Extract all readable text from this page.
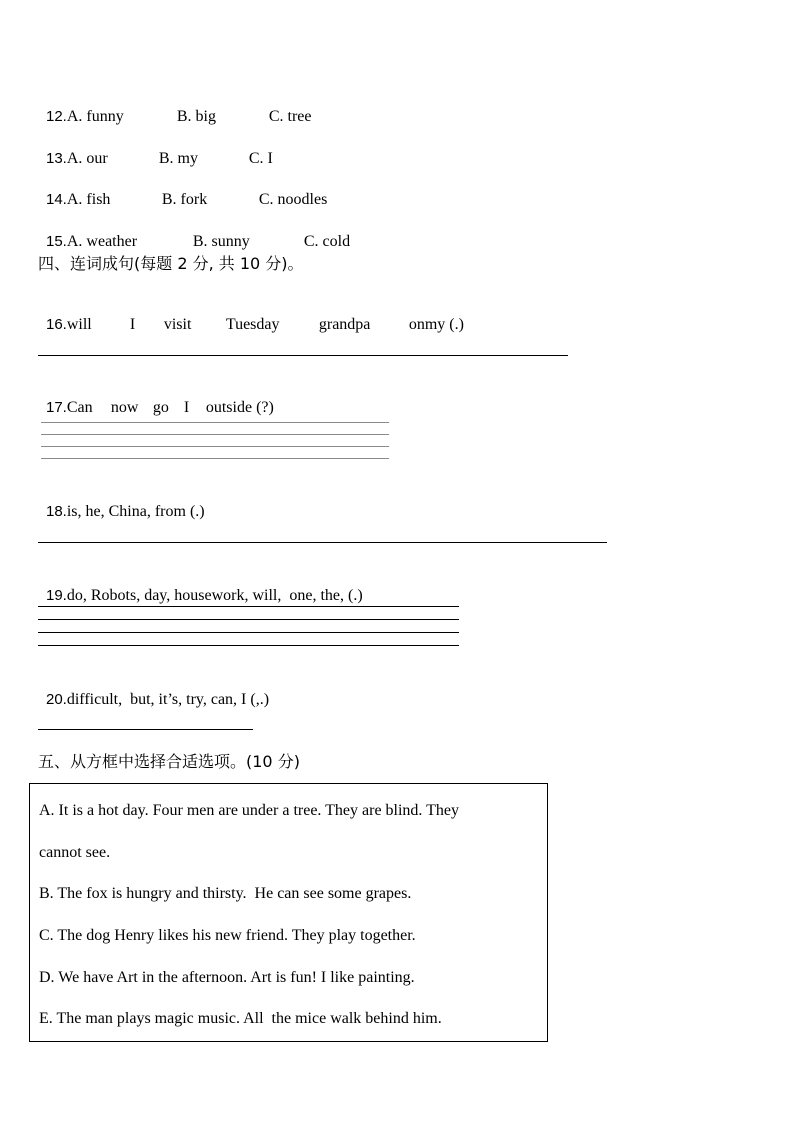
12.A. funny	B. big	C. tree

13.A. our	B. my	C. I

14.A. fish	B. fork	C. noodles

15.A. weather	B. sunny	C. cold

四、连词成句(每题 2 分, 共 10 分)。

16.will I visit Tuesday grandpa onmy (.)

17.Can now go I outside (?)

18.is, he, China, from (.)

19.do, Robots, day, housework, will,  one, the, (.)

20.difficult,  but, it’s, try, can, I (,.)

五、从方框中选择合适选项。(10 分)
A. It is a hot day. Four men are under a tree. They are blind. They
cannot see.
B. The fox is hungry and thirsty.  He can see some grapes.
C. The dog Henry likes his new friend. They play together.
D. We have Art in the afternoon. Art is fun! I like painting.
E. The man plays magic music. All  the mice walk behind him.
